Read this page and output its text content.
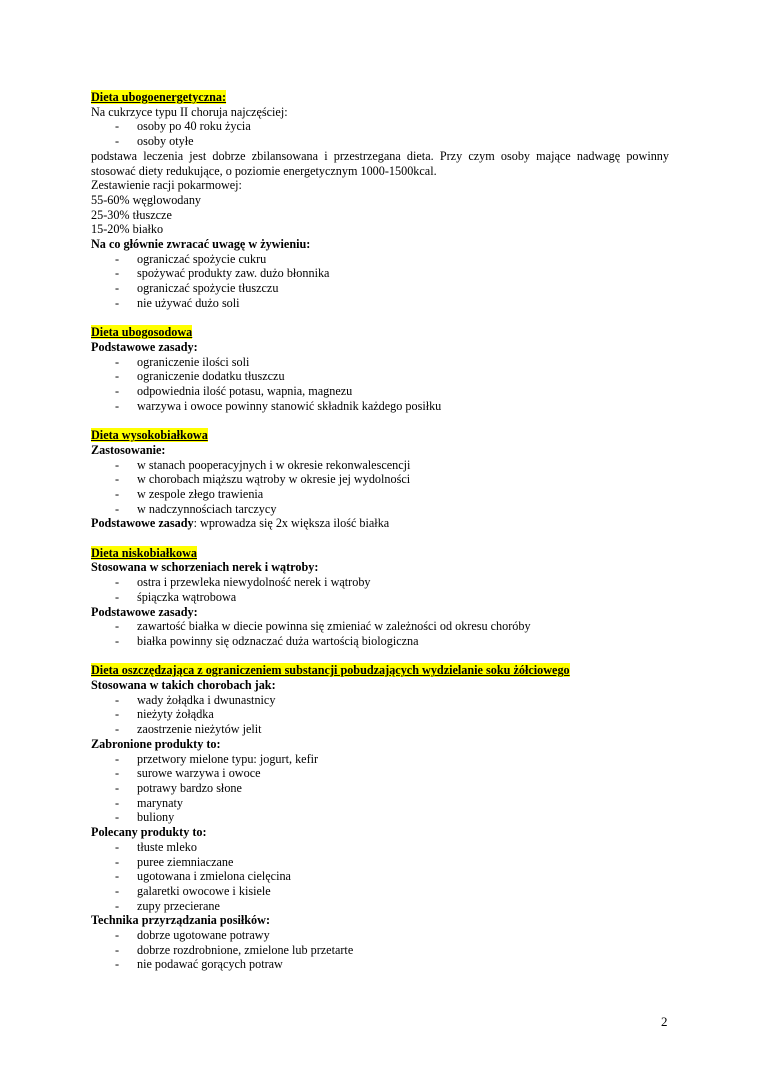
Dieta ubogoenergetyczna:
Na cukrzyce typu II choruja najczęściej:
- osoby po 40 roku życia
- osoby otyłe
podstawa leczenia jest dobrze zbilansowana i przestrzegana dieta. Przy czym osoby mające nadwagę powinny stosować diety redukujące, o poziomie energetycznym 1000-1500kcal.
Zestawienie racji pokarmowej:
55-60% węglowodany
25-30% tłuszcze
15-20% białko
Na co głównie zwracać uwagę w żywieniu:
- ograniczać spożycie cukru
- spożywać produkty zaw. dużo błonnika
- ograniczać spożycie tłuszczu
- nie używać dużo soli
Dieta ubogosodowa
Podstawowe zasady:
- ograniczenie ilości soli
- ograniczenie dodatku tłuszczu
- odpowiednia ilość potasu, wapnia, magnezu
- warzywa i owoce powinny stanowić składnik każdego posiłku
Dieta wysokobiałkowa
Zastosowanie:
- w stanach pooperacyjnych i w okresie rekonwalescencji
- w chorobach miąższu wątroby w okresie jej wydolności
- w zespole złego trawienia
- w nadczynnościach tarczycy
Podstawowe zasady: wprowadza się 2x większa ilość białka
Dieta niskobiałkowa
Stosowana w schorzeniach nerek i wątroby:
- ostra i przewleka niewydolność nerek i wątroby
- śpiączka wątrobowa
Podstawowe zasady:
- zawartość białka w diecie powinna się zmieniać w zależności od okresu choróby
- białka powinny się odznaczać duża wartością biologiczna
Dieta oszczędzająca z ograniczeniem substancji pobudzających wydzielanie soku żółciowego
Stosowana w takich chorobach jak:
- wady żołądka i dwunastnicy
- nieżyty żołądka
- zaostrzenie nieżytów jelit
Zabronione produkty to:
- przetwory mielone typu: jogurt, kefir
- surowe warzywa i owoce
- potrawy bardzo słone
- marynaty
- buliony
Polecany produkty to:
- tłuste mleko
- puree ziemniaczane
- ugotowana i zmielona cielęcina
- galaretki owocowe i kisiele
- zupy przecierane
Technika przyrządzania posiłków:
- dobrze ugotowane potrawy
- dobrze rozdrobnione, zmielone lub przetarte
- nie podawać gorących potraw
2
